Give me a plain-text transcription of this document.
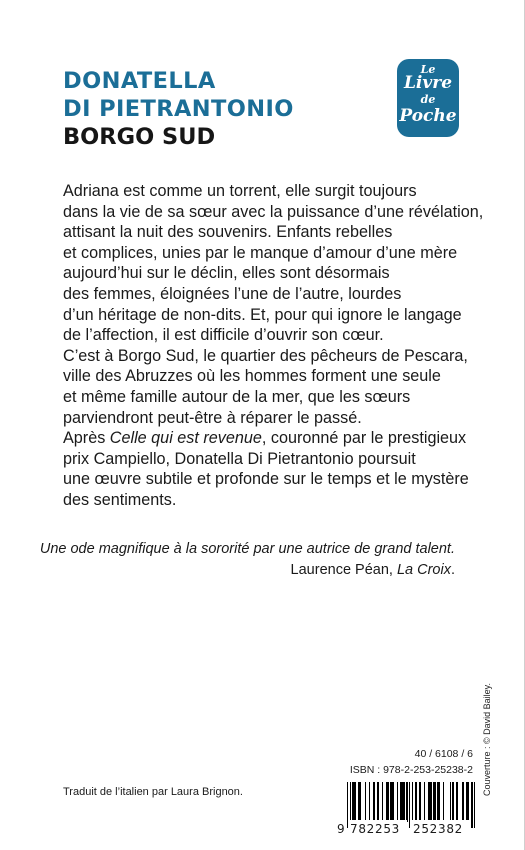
DONATELLA
DI PIETRANTONIO
BORGO SUD
Le
Livre
de
Poche
Adriana est comme un torrent, elle surgit toujours
dans la vie de sa sœur avec la puissance d’une révélation,
attisant la nuit des souvenirs. Enfants rebelles
et complices, unies par le manque d’amour d’une mère
aujourd’hui sur le déclin, elles sont désormais
des femmes, éloignées l’une de l’autre, lourdes
d’un héritage de non-dits. Et, pour qui ignore le langage
de l’affection, il est difficile d’ouvrir son cœur.
C’est à Borgo Sud, le quartier des pêcheurs de Pescara,
ville des Abruzzes où les hommes forment une seule
et même famille autour de la mer, que les sœurs
parviendront peut-être à réparer le passé.
Après Celle qui est revenue, couronné par le prestigieux
prix Campiello, Donatella Di Pietrantonio poursuit
une œuvre subtile et profonde sur le temps et le mystère
des sentiments.
Une ode magnifique à la sororité par une autrice de grand talent.
Laurence Péan, La Croix.
Couverture : © David Bailey.
40 / 6108 / 6
ISBN : 978-2-253-25238-2
Traduit de l’italien par Laura Brignon.
9 782253 252382
